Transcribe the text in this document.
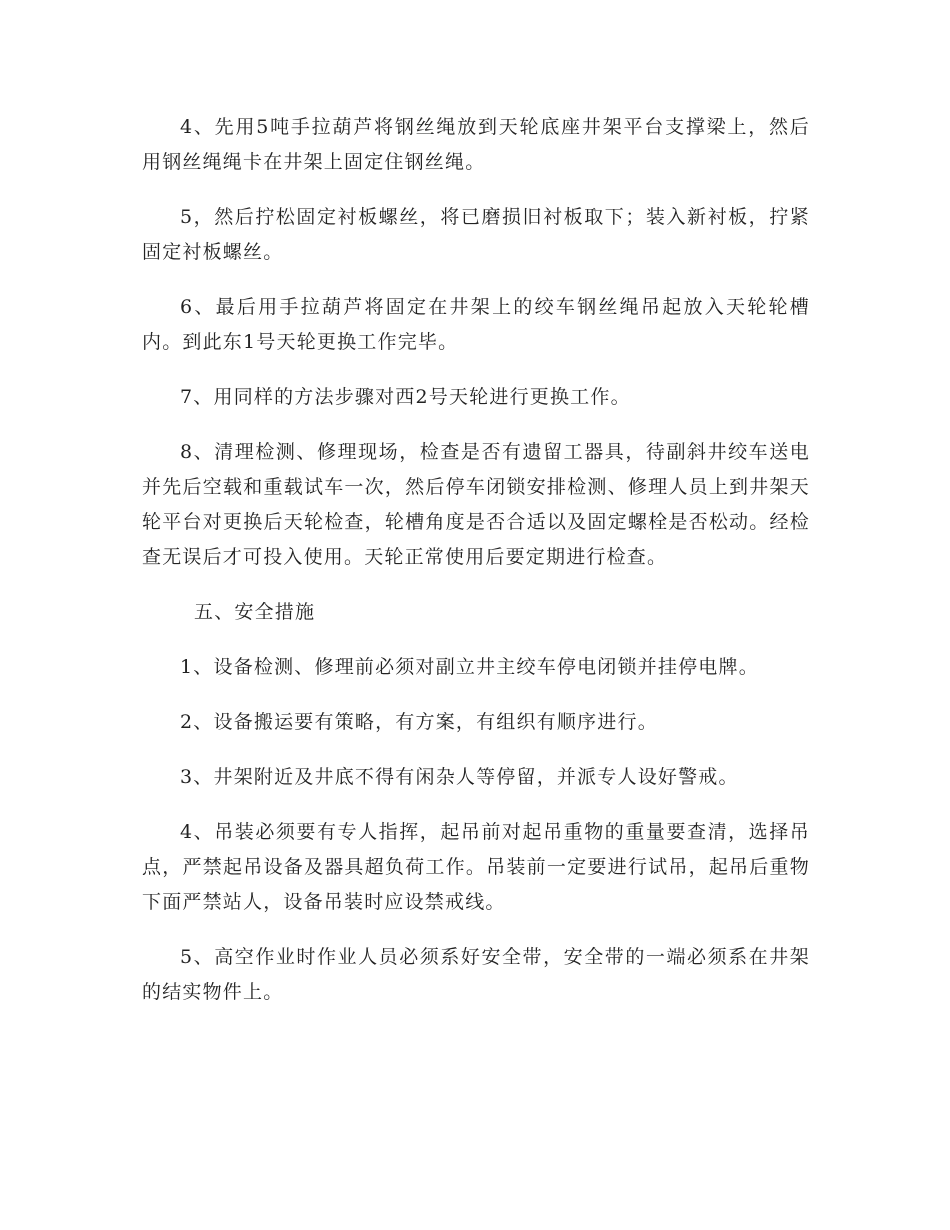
4、先用5吨手拉葫芦将钢丝绳放到天轮底座井架平台支撑梁上，然后用钢丝绳绳卡在井架上固定住钢丝绳。

5，然后拧松固定衬板螺丝，将已磨损旧衬板取下；装入新衬板，拧紧固定衬板螺丝。

6、最后用手拉葫芦将固定在井架上的绞车钢丝绳吊起放入天轮轮槽内。到此东1号天轮更换工作完毕。

7、用同样的方法步骤对西2号天轮进行更换工作。

8、清理检测、修理现场，检查是否有遗留工器具，待副斜井绞车送电并先后空载和重载试车一次，然后停车闭锁安排检测、修理人员上到井架天轮平台对更换后天轮检查，轮槽角度是否合适以及固定螺栓是否松动。经检查无误后才可投入使用。天轮正常使用后要定期进行检查。

五、安全措施

1、设备检测、修理前必须对副立井主绞车停电闭锁并挂停电牌。

2、设备搬运要有策略，有方案，有组织有顺序进行。

3、井架附近及井底不得有闲杂人等停留，并派专人设好警戒。

4、吊装必须要有专人指挥，起吊前对起吊重物的重量要查清，选择吊点，严禁起吊设备及器具超负荷工作。吊装前一定要进行试吊，起吊后重物下面严禁站人，设备吊装时应设禁戒线。

5、高空作业时作业人员必须系好安全带，安全带的一端必须系在井架的结实物件上。
